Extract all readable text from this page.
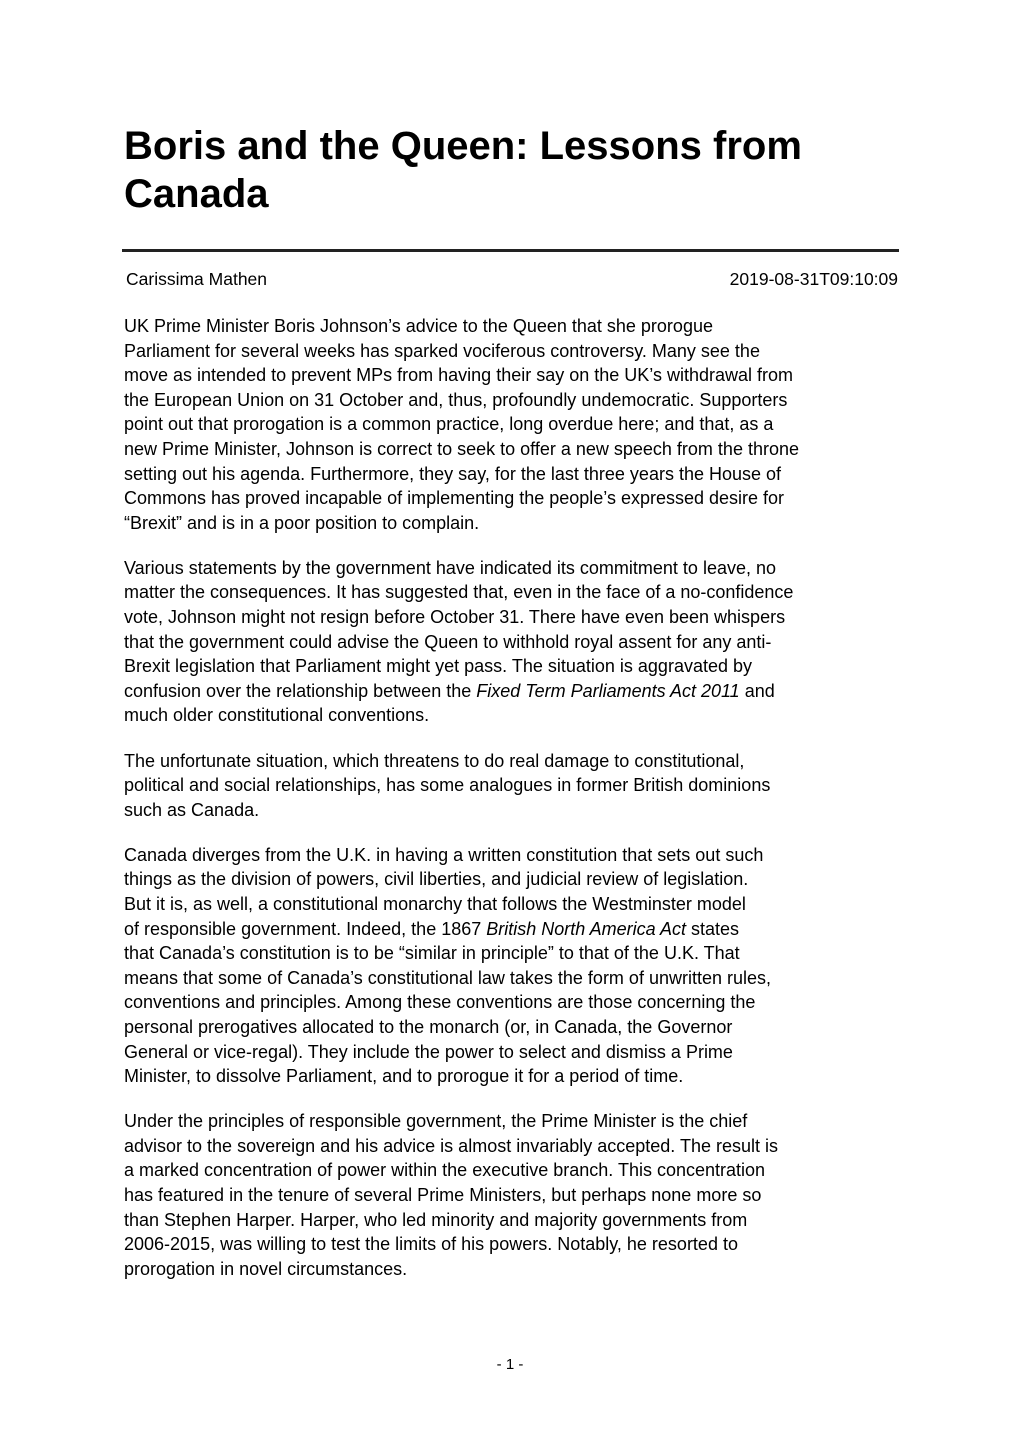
Boris and the Queen: Lessons from
Canada
Carissima Mathen	2019-08-31T09:10:09

UK Prime Minister Boris Johnson’s advice to the Queen that she prorogue
Parliament for several weeks has sparked vociferous controversy. Many see the
move as intended to prevent MPs from having their say on the UK’s withdrawal from
the European Union on 31 October and, thus, profoundly undemocratic. Supporters
point out that prorogation is a common practice, long overdue here; and that, as a
new Prime Minister, Johnson is correct to seek to offer a new speech from the throne
setting out his agenda. Furthermore, they say, for the last three years the House of
Commons has proved incapable of implementing the people’s expressed desire for
“Brexit” and is in a poor position to complain.

Various statements by the government have indicated its commitment to leave, no
matter the consequences. It has suggested that, even in the face of a no-confidence
vote, Johnson might not resign before October 31. There have even been whispers
that the government could advise the Queen to withhold royal assent for any anti-
Brexit legislation that Parliament might yet pass. The situation is aggravated by
confusion over the relationship between the Fixed Term Parliaments Act 2011 and
much older constitutional conventions.

The unfortunate situation, which threatens to do real damage to constitutional,
political and social relationships, has some analogues in former British dominions
such as Canada.

Canada diverges from the U.K. in having a written constitution that sets out such
things as the division of powers, civil liberties, and judicial review of legislation.
But it is, as well, a constitutional monarchy that follows the Westminster model
of responsible government. Indeed, the 1867 British North America Act states
that Canada’s constitution is to be “similar in principle” to that of the U.K. That
means that some of Canada’s constitutional law takes the form of unwritten rules,
conventions and principles. Among these conventions are those concerning the
personal prerogatives allocated to the monarch (or, in Canada, the Governor
General or vice-regal). They include the power to select and dismiss a Prime
Minister, to dissolve Parliament, and to prorogue it for a period of time.

Under the principles of responsible government, the Prime Minister is the chief
advisor to the sovereign and his advice is almost invariably accepted. The result is
a marked concentration of power within the executive branch. This concentration
has featured in the tenure of several Prime Ministers, but perhaps none more so
than Stephen Harper. Harper, who led minority and majority governments from
2006-2015, was willing to test the limits of his powers. Notably, he resorted to
prorogation in novel circumstances.

- 1 -
